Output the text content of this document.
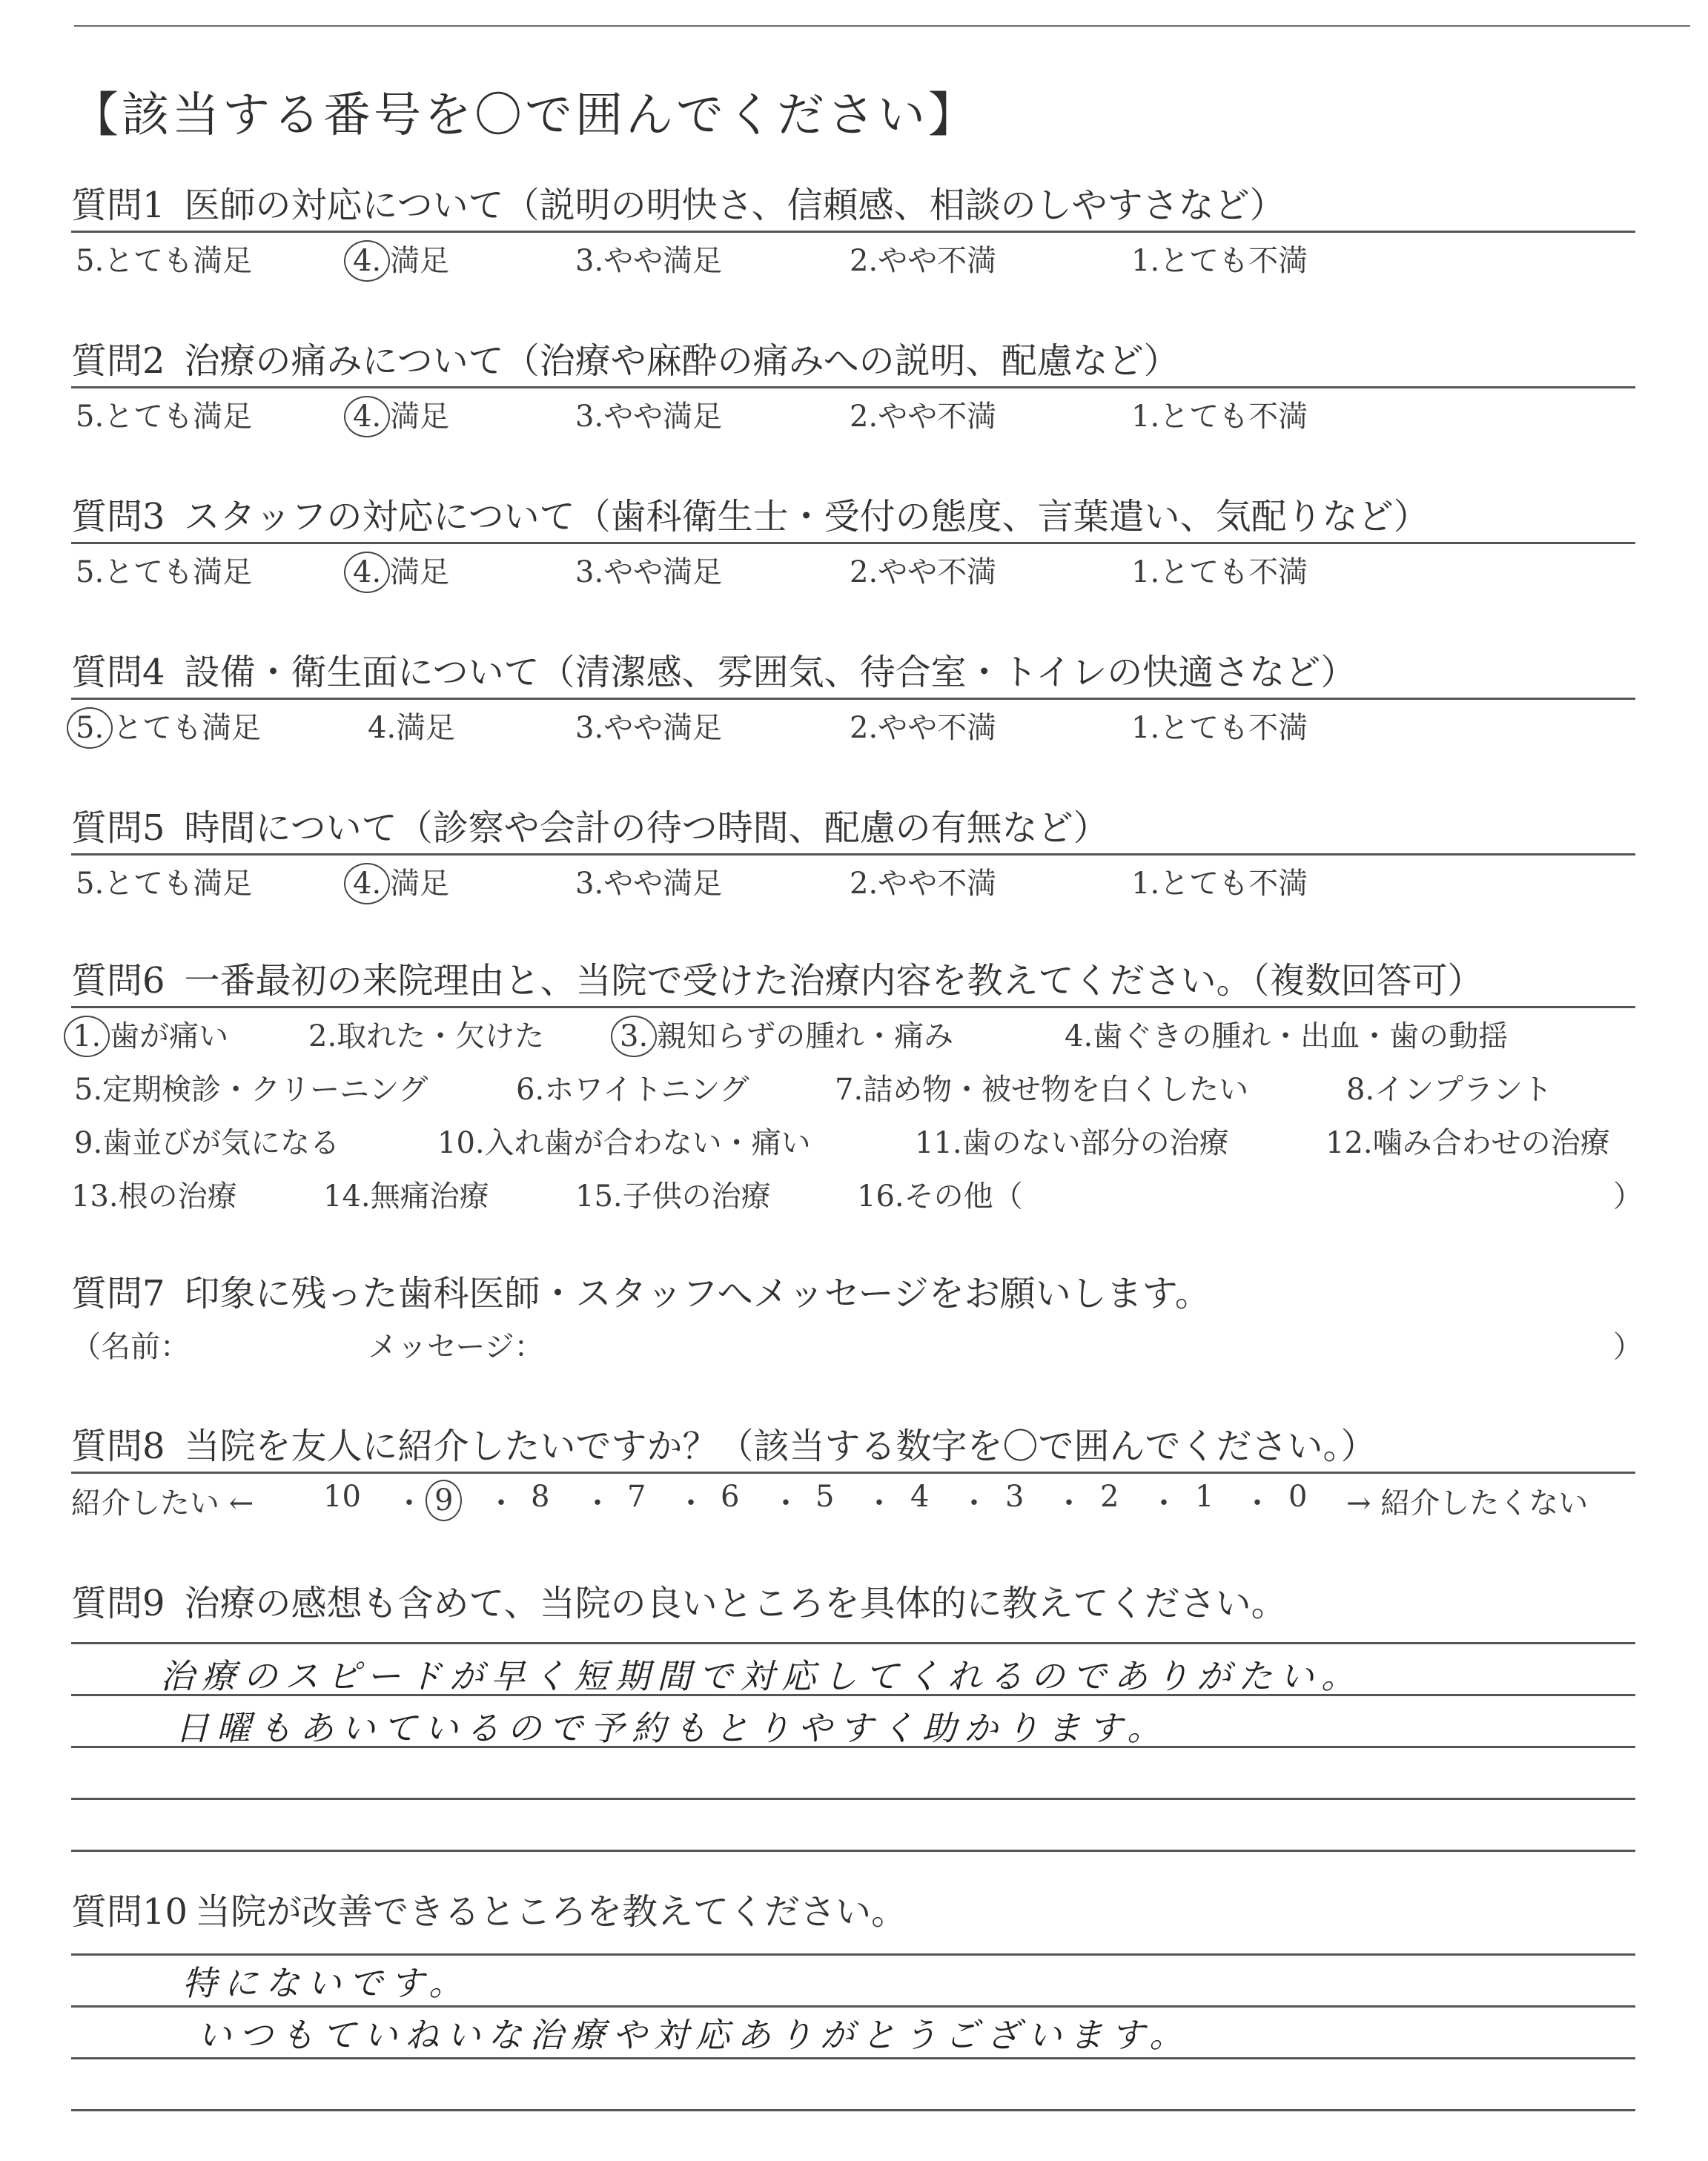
【該当する番号を〇で囲んでください】
質問1 医師の対応について（説明の明快さ、信頼感、相談のしやすさなど）
5.とても満足	4. 満足	3.やや満足	2.やや不満	1.とても不満
質問2 治療の痛みについて（治療や麻酔の痛みへの説明、配慮など）
5.とても満足	4. 満足	3.やや満足	2.やや不満	1.とても不満
質問3 スタッフの対応について（歯科衛生士・受付の態度、言葉遣い、気配りなど）
5.とても満足	4. 満足	3.やや満足	2.やや不満	1.とても不満
質問4 設備・衛生面について（清潔感、雰囲気、待合室・トイレの快適さなど）
5. とても満足	4.満足	3.やや満足	2.やや不満	1.とても不満
質問5 時間について（診察や会計の待つ時間、配慮の有無など）
5.とても満足	4. 満足	3.やや満足	2.やや不満	1.とても不満
質問6 一番最初の来院理由と、当院で受けた治療内容を教えてください。（複数回答可）
1. 歯が痛い	2.取れた・欠けた	3. 親知らずの腫れ・痛み	4.歯ぐきの腫れ・出血・歯の動揺
5.定期検診・クリーニング	6.ホワイトニング	7.詰め物・被せ物を白くしたい	8.インプラント
9.歯並びが気になる	10.入れ歯が合わない・痛い	11.歯のない部分の治療	12.噛み合わせの治療
13.根の治療	14.無痛治療	15.子供の治療	16.その他（	）
質問7 印象に残った歯科医師・スタッフへメッセージをお願いします。
（名前：	メッセージ：	）
質問8 当院を友人に紹介したいですか？（該当する数字を〇で囲んでください。）
紹介したい ← 10 ・ 9	・ 8 ・ 7 ・ 6 ・ 5 ・ 4 ・ 3 ・ 2 ・ 1 ・ 0 → 紹介したくない
質問9 治療の感想も含めて、当院の良いところを具体的に教えてください。
治療のスピードが早く短期間で対応してくれるのでありがたい。
日曜もあいているので予約もとりやすく助かります。
質問10 当院が改善できるところを教えてください。
特にないです。
いつもていねいな治療や対応ありがとうございます。
